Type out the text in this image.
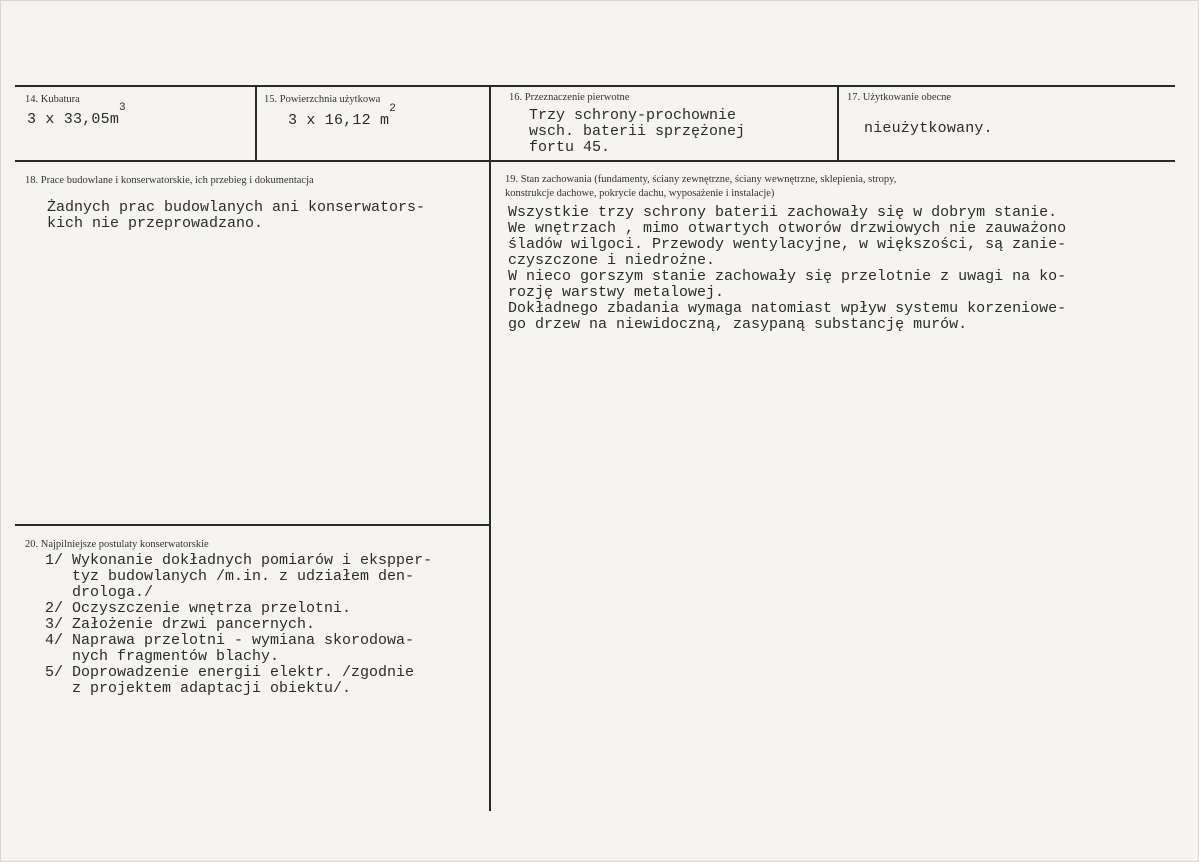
14. Kubatura
3 x $33,05m^3$
15. Powierzchnia użytkowa
3 x 16,12 $m^2$
16. Przeznaczenie pierwotne
Trzy schrony-prochownie
wsch. baterii sprzężonej
fortu 45.
17. Użytkowanie obecne
nieużytkowany.
18. Prace budowlane i konserwatorskie, ich przebieg i dokumentacja
Żadnych prac budowlanych ani konserwators-
kich nie przeprowadzano.
19. Stan zachowania (fundamenty, ściany zewnętrzne, ściany wewnętrzne, sklepienia, stropy,
konstrukcje dachowe, pokrycie dachu, wyposażenie i instalacje)
Wszystkie trzy schrony baterii zachowały się w dobrym stanie.
We wnętrzach , mimo otwartych otworów drzwiowych nie zauważono
śladów wilgoci. Przewody wentylacyjne, w większości, są zanie-
czyszczone i niedrożne.
W nieco gorszym stanie zachowały się przelotnie z uwagi na ko-
rozję warstwy metalowej.
Dokładnego zbadania wymaga natomiast wpływ systemu korzeniowe-
go drzew na niewidoczną, zasypaną substancję murów.
20. Najpilniejsze postulaty konserwatorskie
1/ Wykonanie dokładnych pomiarów i ekspper-
tyz budowlanych /m.in. z udziałem den-
drologa./
2/ Oczyszczenie wnętrza przelotni.
3/ Założenie drzwi pancernych.
4/ Naprawa przelotni - wymiana skorodowa-
nych fragmentów blachy.
5/ Doprowadzenie energii elektr. /zgodnie
z projektem adaptacji obiektu/.
